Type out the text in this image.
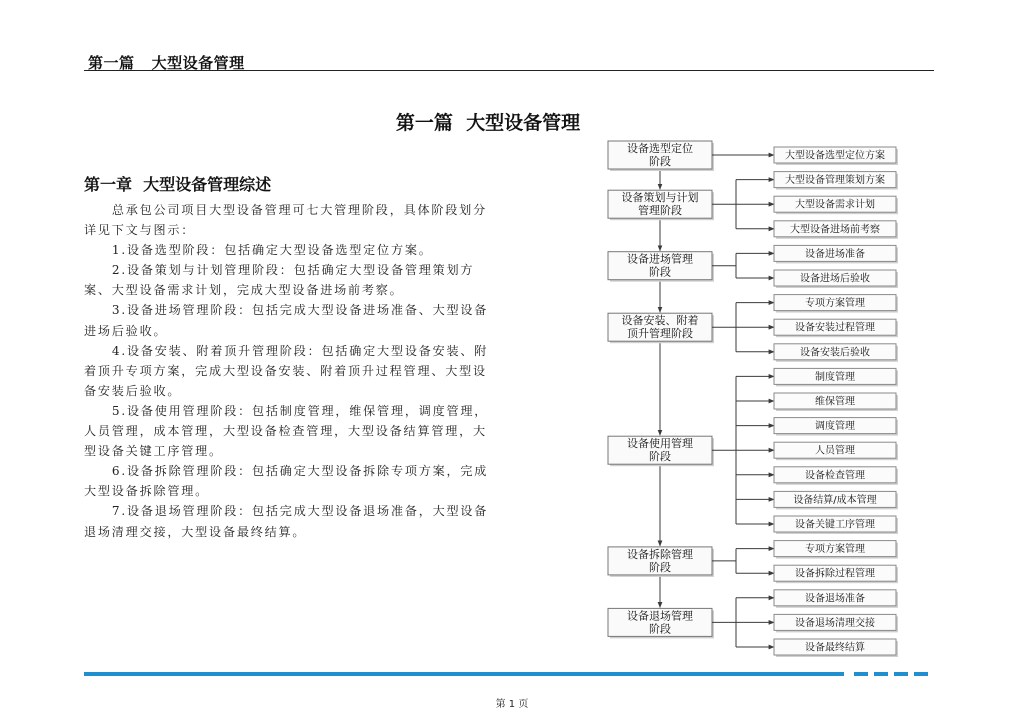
第一篇   大型设备管理
第一篇  大型设备管理
第一章  大型设备管理综述

总承包公司项目大型设备管理可七大管理阶段，具体阶段划分详见下文与图示：

1.设备选型阶段：包括确定大型设备选型定位方案。

2.设备策划与计划管理阶段：包括确定大型设备管理策划方案、大型设备需求计划，完成大型设备进场前考察。

3.设备进场管理阶段：包括完成大型设备进场准备、大型设备进场后验收。

4.设备安装、附着顶升管理阶段：包括确定大型设备安装、附着顶升专项方案，完成大型设备安装、附着顶升过程管理、大型设备安装后验收。

5.设备使用管理阶段：包括制度管理，维保管理，调度管理，人员管理，成本管理，大型设备检查管理，大型设备结算管理，大型设备关键工序管理。

6.设备拆除管理阶段：包括确定大型设备拆除专项方案，完成大型设备拆除管理。

7.设备退场管理阶段：包括完成大型设备退场准备，大型设备退场清理交接，大型设备最终结算。

设备选型定位
阶段	大型设备选型定位方案
设备策划与计划
管理阶段
大型设备管理策划方案
大型设备需求计划
大型设备进场前考察
设备进场管理
阶段
设备进场准备
设备进场后验收
设备安装、附着
顶升管理阶段
专项方案管理
设备安装过程管理
设备安装后验收
设备使用管理
阶段
制度管理
维保管理
调度管理
人员管理
设备检查管理
设备结算/成本管理
设备关键工序管理
设备拆除管理
阶段
专项方案管理
设备拆除过程管理
设备退场管理
阶段
设备退场准备
设备退场清理交接
设备最终结算
第 1 页
